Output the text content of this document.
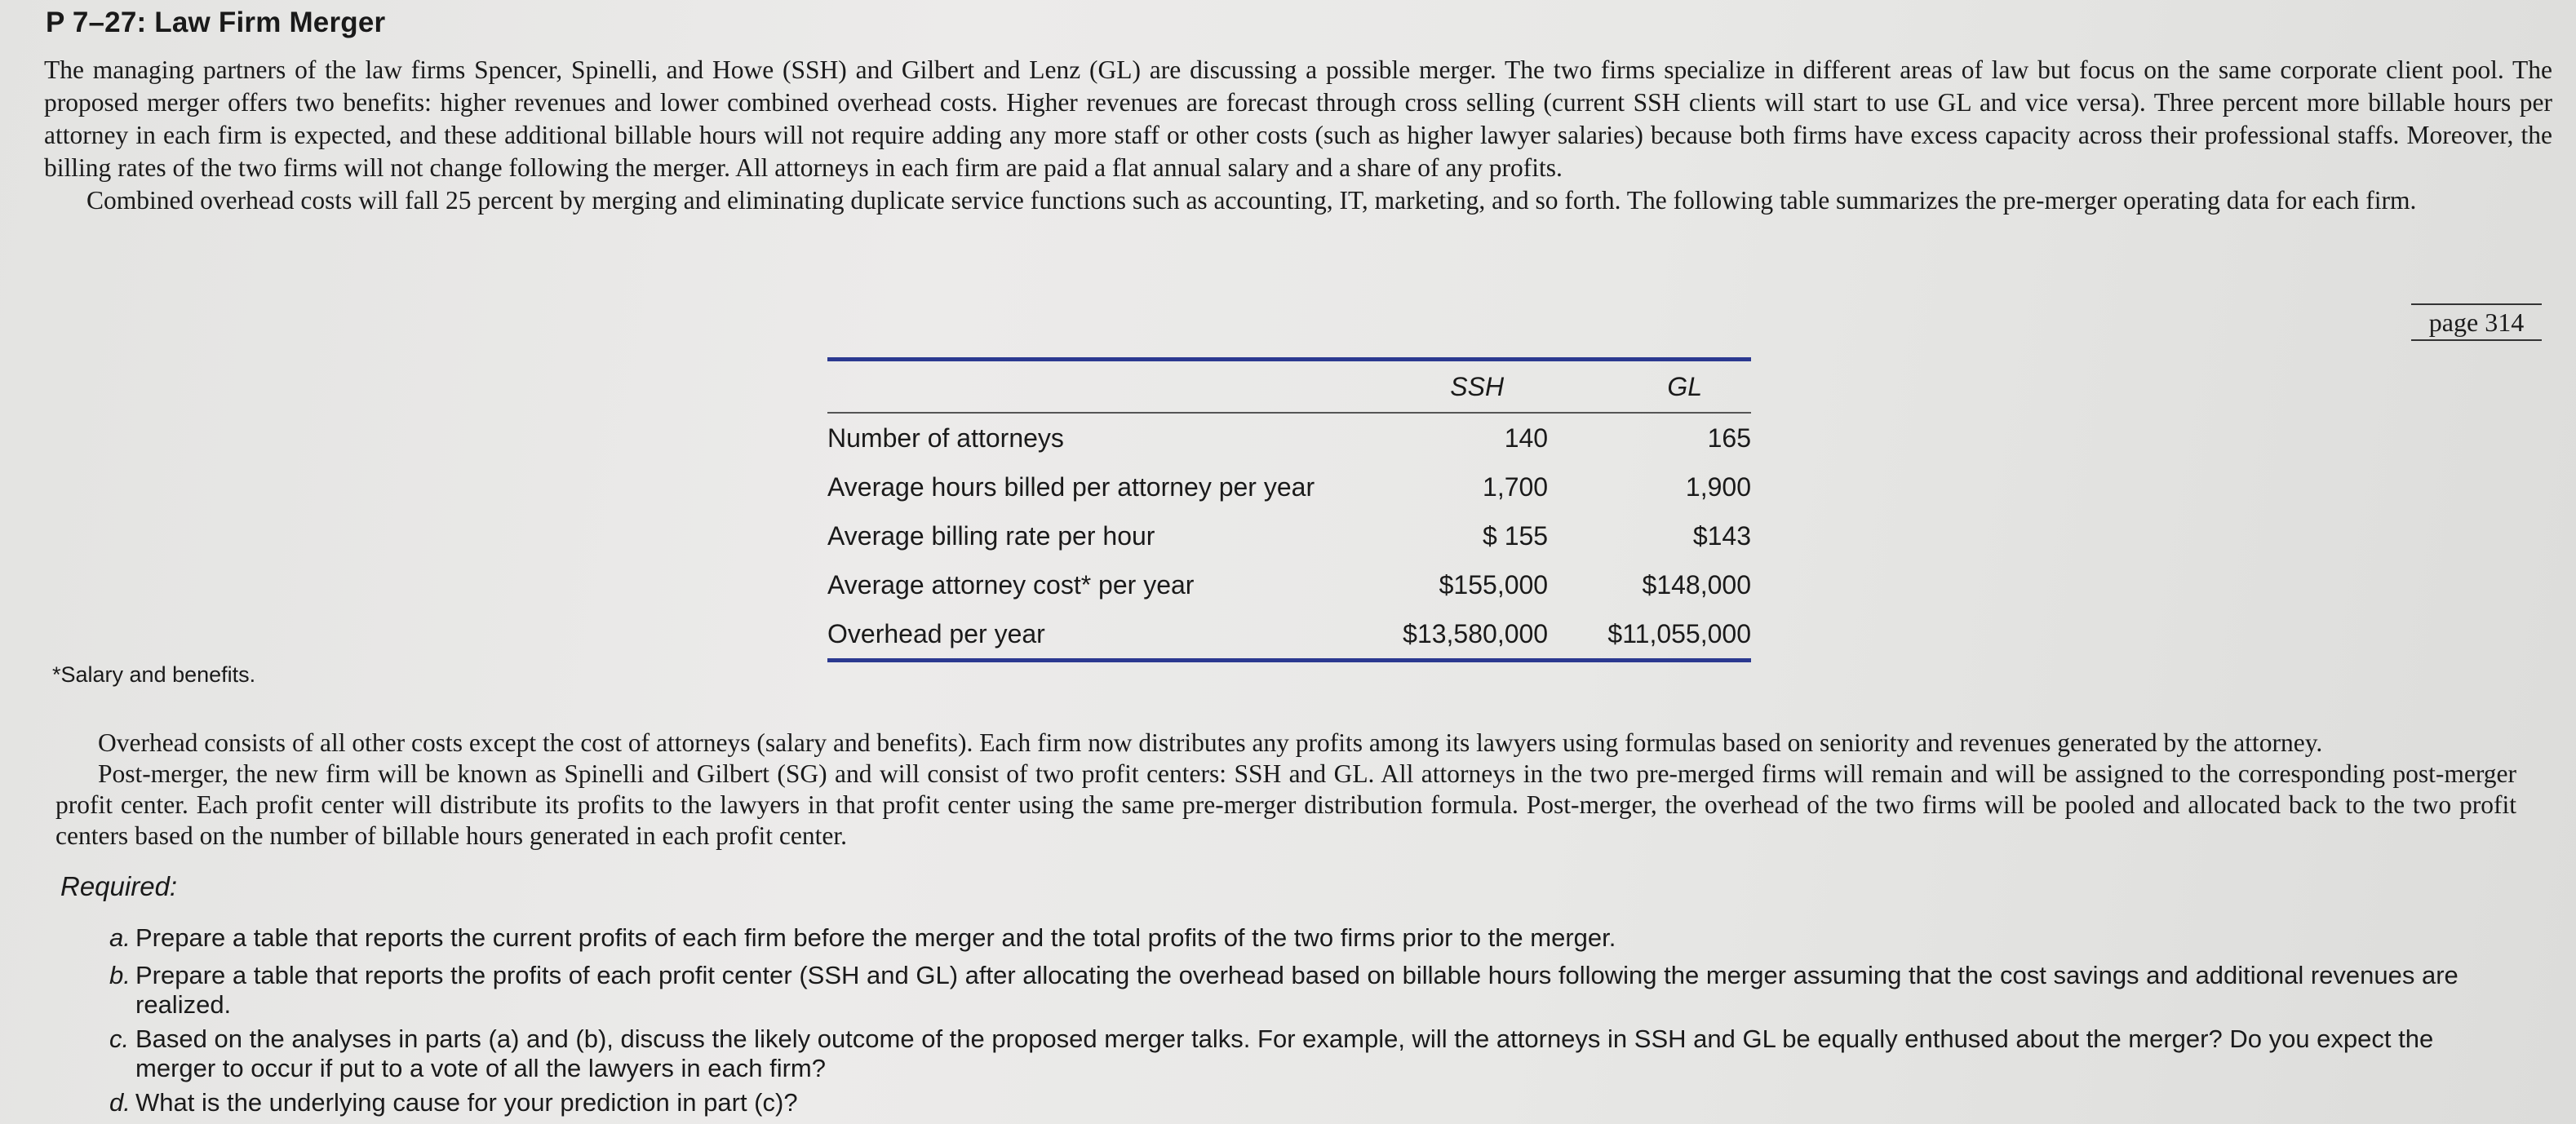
P 7–27: Law Firm Merger

The managing partners of the law firms Spencer, Spinelli, and Howe (SSH) and Gilbert and Lenz (GL) are discussing a possible merger. The two firms specialize in different areas of law but focus on the same corporate client pool. The proposed merger offers two benefits: higher revenues and lower combined overhead costs. Higher revenues are forecast through cross selling (current SSH clients will start to use GL and vice versa). Three percent more billable hours per attorney in each firm is expected, and these additional billable hours will not require adding any more staff or other costs (such as higher lawyer salaries) because both firms have excess capacity across their professional staffs. Moreover, the billing rates of the two firms will not change following the merger. All attorneys in each firm are paid a flat annual salary and a share of any profits.

Combined overhead costs will fall 25 percent by merging and eliminating duplicate service functions such as accounting, IT, marketing, and so forth. The following table summarizes the pre-merger operating data for each firm.

page 314
	SSH	GL
Number of attorneys	140	165
Average hours billed per attorney per year	1,700	1,900
Average billing rate per hour	$ 155	$143
Average attorney cost* per year	$155,000	$148,000
Overhead per year	$13,580,000	$11,055,000
*Salary and benefits.

Overhead consists of all other costs except the cost of attorneys (salary and benefits). Each firm now distributes any profits among its lawyers using formulas based on seniority and revenues generated by the attorney.

Post-merger, the new firm will be known as Spinelli and Gilbert (SG) and will consist of two profit centers: SSH and GL. All attorneys in the two pre-merged firms will remain and will be assigned to the corresponding post-merger profit center. Each profit center will distribute its profits to the lawyers in that profit center using the same pre-merger distribution formula. Post-merger, the overhead of the two firms will be pooled and allocated back to the two profit centers based on the number of billable hours generated in each profit center.

Required:
a. Prepare a table that reports the current profits of each firm before the merger and the total profits of the two firms prior to the merger.
b. Prepare a table that reports the profits of each profit center (SSH and GL) after allocating the overhead based on billable hours following the merger assuming that the cost savings and additional revenues are realized.
c. Based on the analyses in parts (a) and (b), discuss the likely outcome of the proposed merger talks. For example, will the attorneys in SSH and GL be equally enthused about the merger? Do you expect the merger to occur if put to a vote of all the lawyers in each firm?
d. What is the underlying cause for your prediction in part (c)?
